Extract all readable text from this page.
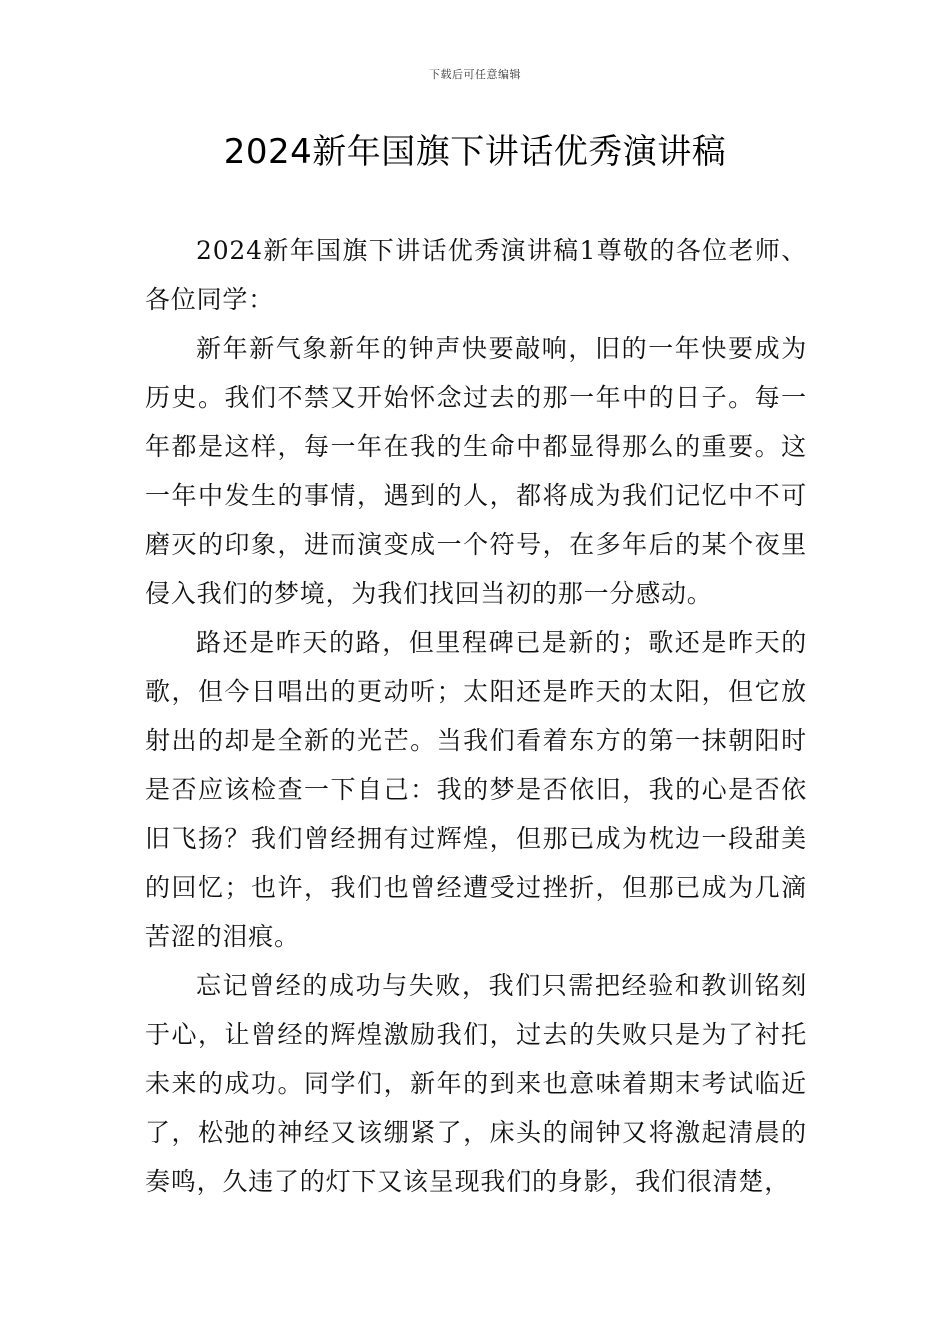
下载后可任意编辑
2024新年国旗下讲话优秀演讲稿

2024新年国旗下讲话优秀演讲稿1尊敬的各位老师、各位同学：

新年新气象新年的钟声快要敲响，旧的一年快要成为历史。我们不禁又开始怀念过去的那一年中的日子。每一年都是这样，每一年在我的生命中都显得那么的重要。这一年中发生的事情，遇到的人，都将成为我们记忆中不可磨灭的印象，进而演变成一个符号，在多年后的某个夜里侵入我们的梦境，为我们找回当初的那一分感动。

路还是昨天的路，但里程碑已是新的；歌还是昨天的歌，但今日唱出的更动听；太阳还是昨天的太阳，但它放射出的却是全新的光芒。当我们看着东方的第一抹朝阳时是否应该检查一下自己：我的梦是否依旧，我的心是否依旧飞扬？我们曾经拥有过辉煌，但那已成为枕边一段甜美的回忆；也许，我们也曾经遭受过挫折，但那已成为几滴苦涩的泪痕。

忘记曾经的成功与失败，我们只需把经验和教训铭刻于心，让曾经的辉煌激励我们，过去的失败只是为了衬托未来的成功。同学们，新年的到来也意味着期末考试临近了，松弛的神经又该绷紧了，床头的闹钟又将激起清晨的奏鸣，久违了的灯下又该呈现我们的身影，我们很清楚，
